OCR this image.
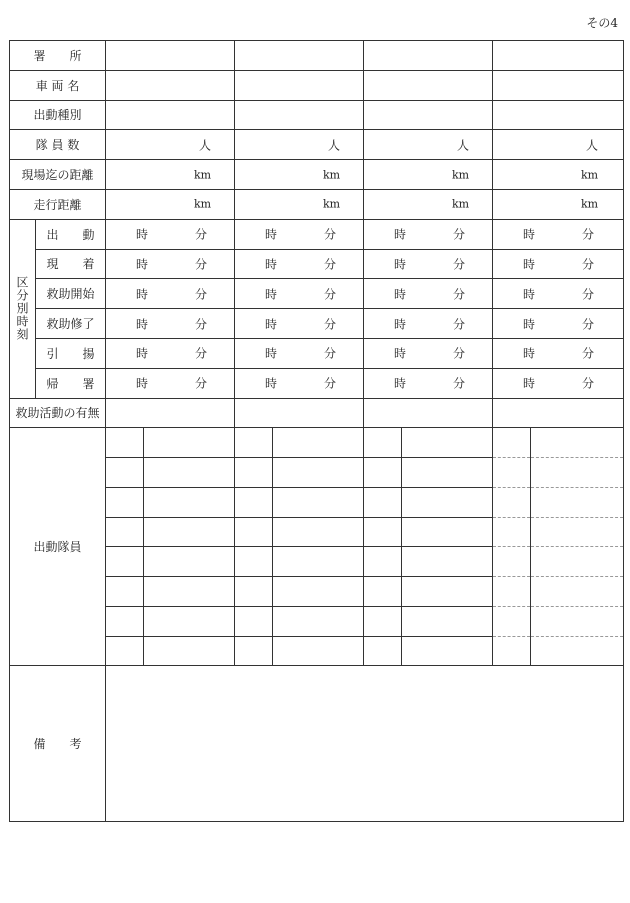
その4
署　　所									
車 両 名									
出動種別									
隊 員 数		人		人		人		人	

現場迄の距離		km		km		km		km	

走行距離		km		km		km		km	

区分別時刻	出　　動	時 分		時 分		時 分		時 分	

	現　　着	時 分		時 分		時 分		時 分	

	救助開始	時 分		時 分		時 分		時 分	

	救助修了	時 分		時 分		時 分		時 分	

	引　　揚	時 分		時 分		時 分		時 分	

	帰　　署	時 分		時 分		時 分		時 分	

救助活動の有無									
出動隊員									

備　　考									
